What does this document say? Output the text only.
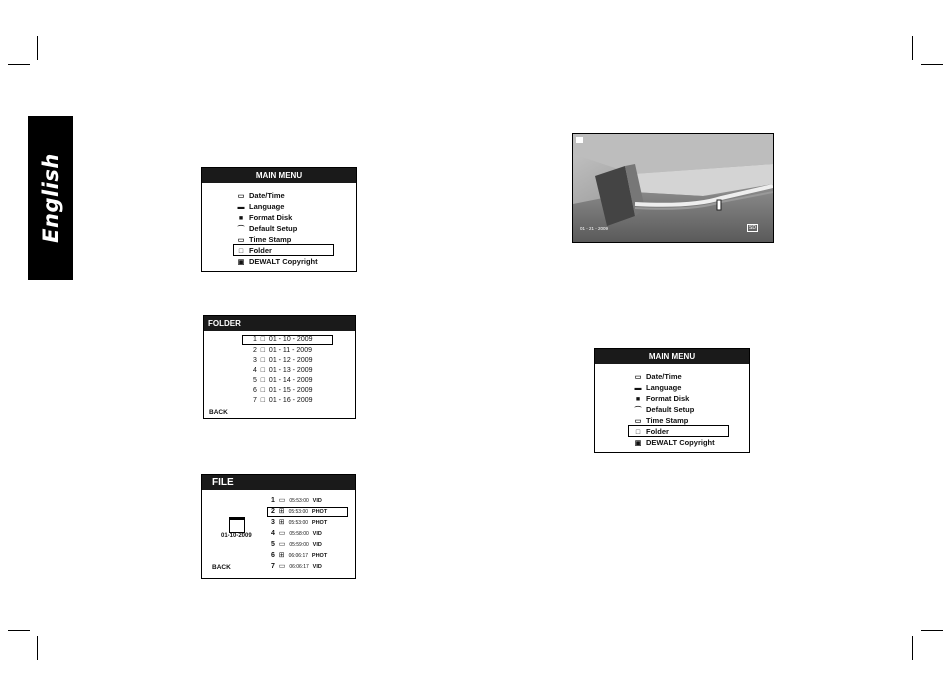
English	MAIN MENU
▭ Date/Time
▬ Language
■ Format Disk
⌒ Default Setup
▭ Time Stamp
□ Folder
▣ DEWALT Copyright
FOLDER
1 □ 01 - 10 - 2009
2 □ 01 - 11 - 2009
3 □ 01 - 12 - 2009
4 □ 01 - 13 - 2009
5 □ 01 - 14 - 2009
6 □ 01 - 15 - 2009
7 □ 01 - 16 - 2009
BACK
FILE
01-10-2009
1 ▭ 05:53:00 VID
2 ⊞ 05:53:00 PHOT
3 ⊞ 05:53:00 PHOT
4 ▭ 05:58:00 VID
5 ▭ 05:59:00 VID
6 ⊞ 06:06:17 PHOT
7 ▭ 06:06:17 VID
BACK
01 - 21 - 2009	SD
MAIN MENU
▭ Date/Time
▬ Language
■ Format Disk
⌒ Default Setup
▭ Time Stamp
□ Folder
▣ DEWALT Copyright
